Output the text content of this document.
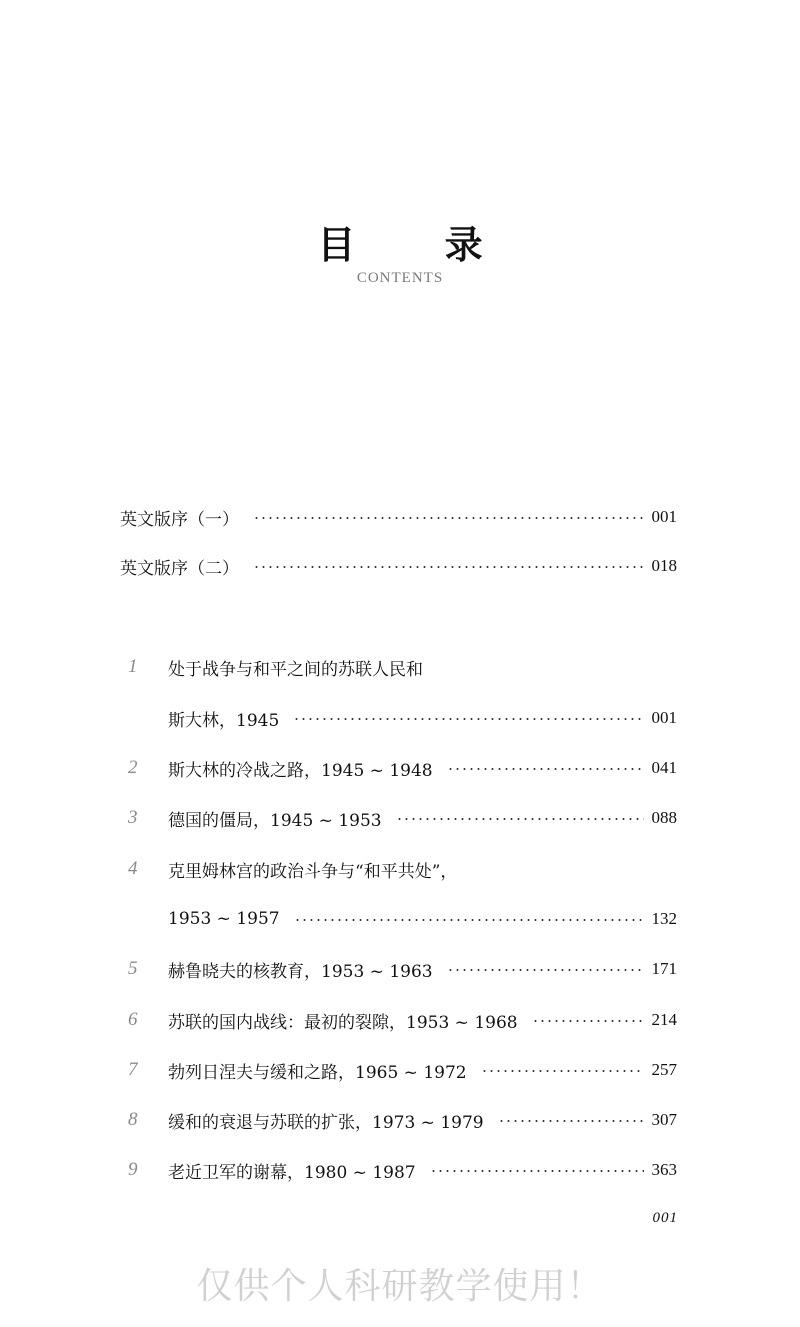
目 录
CONTENTS
英文版序（一）	001
英文版序（二）	018
1	处于战争与和平之间的苏联人民和
斯大林，1945	001
2	斯大林的冷战之路，1945 ~ 1948	041
3	德国的僵局，1945 ~ 1953	088
4	克里姆林宫的政治斗争与“和平共处”，
1953 ~ 1957	132
5	赫鲁晓夫的核教育，1953 ~ 1963	171
6	苏联的国内战线：最初的裂隙，1953 ~ 1968	214
7	勃列日涅夫与缓和之路，1965 ~ 1972	257
8	缓和的衰退与苏联的扩张，1973 ~ 1979	307
9	老近卫军的谢幕，1980 ~ 1987	363
001
仅供个人科研教学使用！
